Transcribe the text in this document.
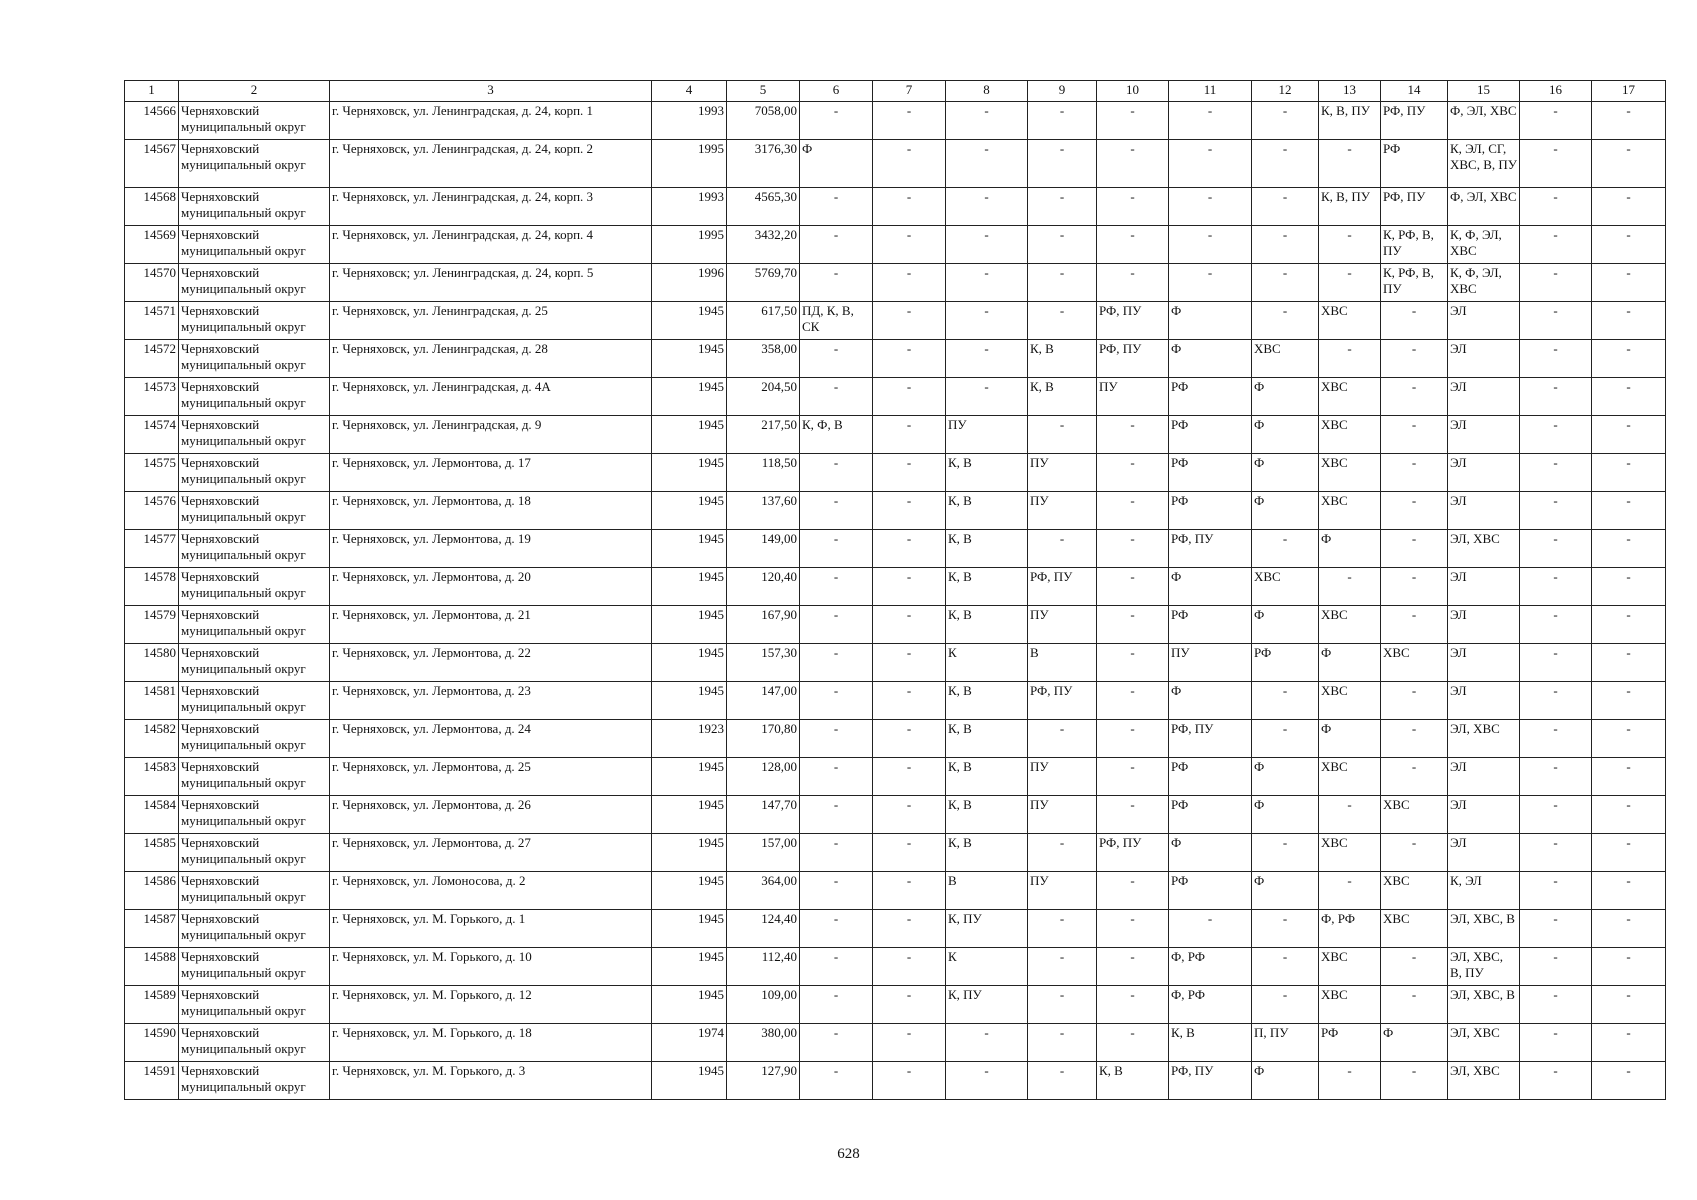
1	2	3	4	5	6	7	8	9	10	11	12	13	14	15	16	17
14566	Черняховский муниципальный округ	г. Черняховск, ул. Ленинградская, д. 24, корп. 1	1993	7058,00	-	-	-	-	-	-	-	К, В, ПУ	РФ, ПУ	Ф, ЭЛ, ХВС	-	-
14567	Черняховский муниципальный округ	г. Черняховск, ул. Ленинградская, д. 24, корп. 2	1995	3176,30	Ф	-	-	-	-	-	-	-	РФ	К, ЭЛ, СГ, ХВС, В, ПУ	-	-
14568	Черняховский муниципальный округ	г. Черняховск, ул. Ленинградская, д. 24, корп. 3	1993	4565,30	-	-	-	-	-	-	-	К, В, ПУ	РФ, ПУ	Ф, ЭЛ, ХВС	-	-
14569	Черняховский муниципальный округ	г. Черняховск, ул. Ленинградская, д. 24, корп. 4	1995	3432,20	-	-	-	-	-	-	-	-	К, РФ, В, ПУ	К, Ф, ЭЛ, ХВС	-	-
14570	Черняховский муниципальный округ	г. Черняховск; ул. Ленинградская, д. 24, корп. 5	1996	5769,70	-	-	-	-	-	-	-	-	К, РФ, В, ПУ	К, Ф, ЭЛ, ХВС	-	-
14571	Черняховский муниципальный округ	г. Черняховск, ул. Ленинградская, д. 25	1945	617,50	ПД, К, В, СК	-	-	-	РФ, ПУ	Ф	-	ХВС	-	ЭЛ	-	-
14572	Черняховский муниципальный округ	г. Черняховск, ул. Ленинградская, д. 28	1945	358,00	-	-	-	К, В	РФ, ПУ	Ф	ХВС	-	-	ЭЛ	-	-
14573	Черняховский муниципальный округ	г. Черняховск, ул. Ленинградская, д. 4А	1945	204,50	-	-	-	К, В	ПУ	РФ	Ф	ХВС	-	ЭЛ	-	-
14574	Черняховский муниципальный округ	г. Черняховск, ул. Ленинградская, д. 9	1945	217,50	К, Ф, В	-	ПУ	-	-	РФ	Ф	ХВС	-	ЭЛ	-	-
14575	Черняховский муниципальный округ	г. Черняховск, ул. Лермонтова, д. 17	1945	118,50	-	-	К, В	ПУ	-	РФ	Ф	ХВС	-	ЭЛ	-	-
14576	Черняховский муниципальный округ	г. Черняховск, ул. Лермонтова, д. 18	1945	137,60	-	-	К, В	ПУ	-	РФ	Ф	ХВС	-	ЭЛ	-	-
14577	Черняховский муниципальный округ	г. Черняховск, ул. Лермонтова, д. 19	1945	149,00	-	-	К, В	-	-	РФ, ПУ	-	Ф	-	ЭЛ, ХВС	-	-
14578	Черняховский муниципальный округ	г. Черняховск, ул. Лермонтова, д. 20	1945	120,40	-	-	К, В	РФ, ПУ	-	Ф	ХВС	-	-	ЭЛ	-	-
14579	Черняховский муниципальный округ	г. Черняховск, ул. Лермонтова, д. 21	1945	167,90	-	-	К, В	ПУ	-	РФ	Ф	ХВС	-	ЭЛ	-	-
14580	Черняховский муниципальный округ	г. Черняховск, ул. Лермонтова, д. 22	1945	157,30	-	-	К	В	-	ПУ	РФ	Ф	ХВС	ЭЛ	-	-
14581	Черняховский муниципальный округ	г. Черняховск, ул. Лермонтова, д. 23	1945	147,00	-	-	К, В	РФ, ПУ	-	Ф	-	ХВС	-	ЭЛ	-	-
14582	Черняховский муниципальный округ	г. Черняховск, ул. Лермонтова, д. 24	1923	170,80	-	-	К, В	-	-	РФ, ПУ	-	Ф	-	ЭЛ, ХВС	-	-
14583	Черняховский муниципальный округ	г. Черняховск, ул. Лермонтова, д. 25	1945	128,00	-	-	К, В	ПУ	-	РФ	Ф	ХВС	-	ЭЛ	-	-
14584	Черняховский муниципальный округ	г. Черняховск, ул. Лермонтова, д. 26	1945	147,70	-	-	К, В	ПУ	-	РФ	Ф	-	ХВС	ЭЛ	-	-
14585	Черняховский муниципальный округ	г. Черняховск, ул. Лермонтова, д. 27	1945	157,00	-	-	К, В	-	РФ, ПУ	Ф	-	ХВС	-	ЭЛ	-	-
14586	Черняховский муниципальный округ	г. Черняховск, ул. Ломоносова, д. 2	1945	364,00	-	-	В	ПУ	-	РФ	Ф	-	ХВС	К, ЭЛ	-	-
14587	Черняховский муниципальный округ	г. Черняховск, ул. М. Горького, д. 1	1945	124,40	-	-	К, ПУ	-	-	-	-	Ф, РФ	ХВС	ЭЛ, ХВС, В	-	-
14588	Черняховский муниципальный округ	г. Черняховск, ул. М. Горького, д. 10	1945	112,40	-	-	К	-	-	Ф, РФ	-	ХВС	-	ЭЛ, ХВС, В, ПУ	-	-
14589	Черняховский муниципальный округ	г. Черняховск, ул. М. Горького, д. 12	1945	109,00	-	-	К, ПУ	-	-	Ф, РФ	-	ХВС	-	ЭЛ, ХВС, В	-	-
14590	Черняховский муниципальный округ	г. Черняховск, ул. М. Горького, д. 18	1974	380,00	-	-	-	-	-	К, В	П, ПУ	РФ	Ф	ЭЛ, ХВС	-	-
14591	Черняховский муниципальный округ	г. Черняховск, ул. М. Горького, д. 3	1945	127,90	-	-	-	-	К, В	РФ, ПУ	Ф	-	-	ЭЛ, ХВС	-	-
628
